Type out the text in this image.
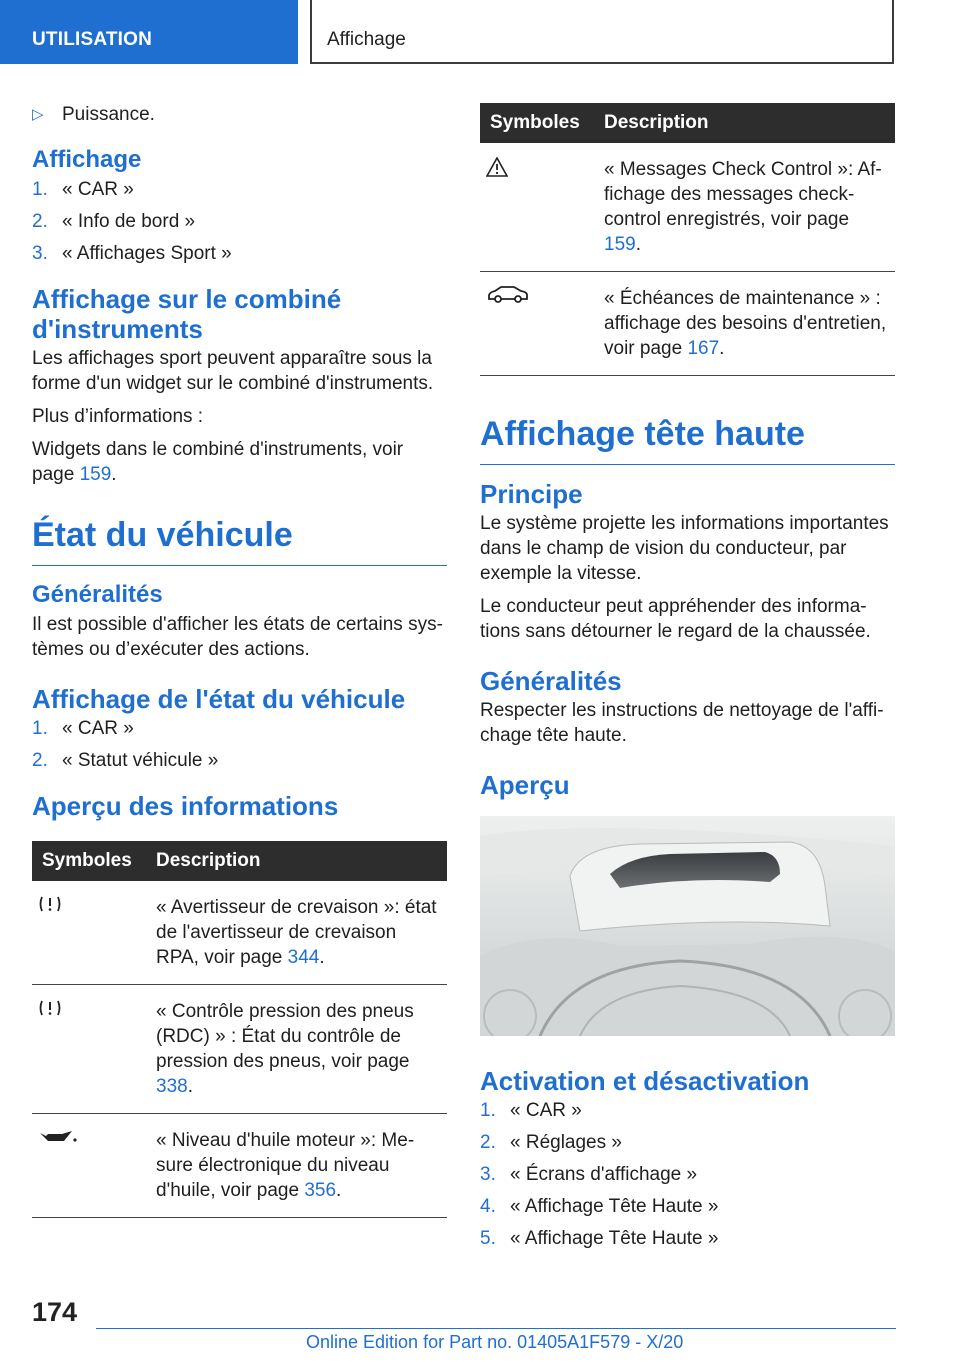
UTILISATION	Affichage
▷ Puissance.
Affichage
1. « CAR »
2. « Info de bord »
3. « Affichages Sport »
Affichage sur le combiné d'instruments

Les affichages sport peuvent apparaître sous la forme d'un widget sur le combiné d'instruments.

Plus d’informations :

Widgets dans le combiné d'instruments, voir page 159.

État du véhicule
Généralités

Il est possible d'afficher les états de certains systèmes ou d’exécuter des actions.

Affichage de l'état du véhicule
1. « CAR »
2. « Statut véhicule »
Aperçu des informations
Symboles	Description
	« Avertisseur de crevaison »: état de l'avertisseur de crevaison RPA, voir page 344.
	« Contrôle pression des pneus (RDC) » : État du contrôle de pression des pneus, voir page 338.
	« Niveau d'huile moteur »: Mesure électronique du niveau d'huile, voir page 356.
Symboles	Description
	« Messages Check Control »: Affichage des messages check-control enregistrés, voir page 159.
	« Échéances de maintenance » : affichage des besoins d'entretien, voir page 167.
Affichage tête haute
Principe

Le système projette les informations importantes dans le champ de vision du conducteur, par exemple la vitesse.

Le conducteur peut appréhender des informations sans détourner le regard de la chaussée.

Généralités

Respecter les instructions de nettoyage de l'affichage tête haute.

Aperçu
Activation et désactivation
1. « CAR »
2. « Réglages »
3. « Écrans d'affichage »
4. « Affichage Tête Haute »
5. « Affichage Tête Haute »
174
Online Edition for Part no. 01405A1F579 - X/20
